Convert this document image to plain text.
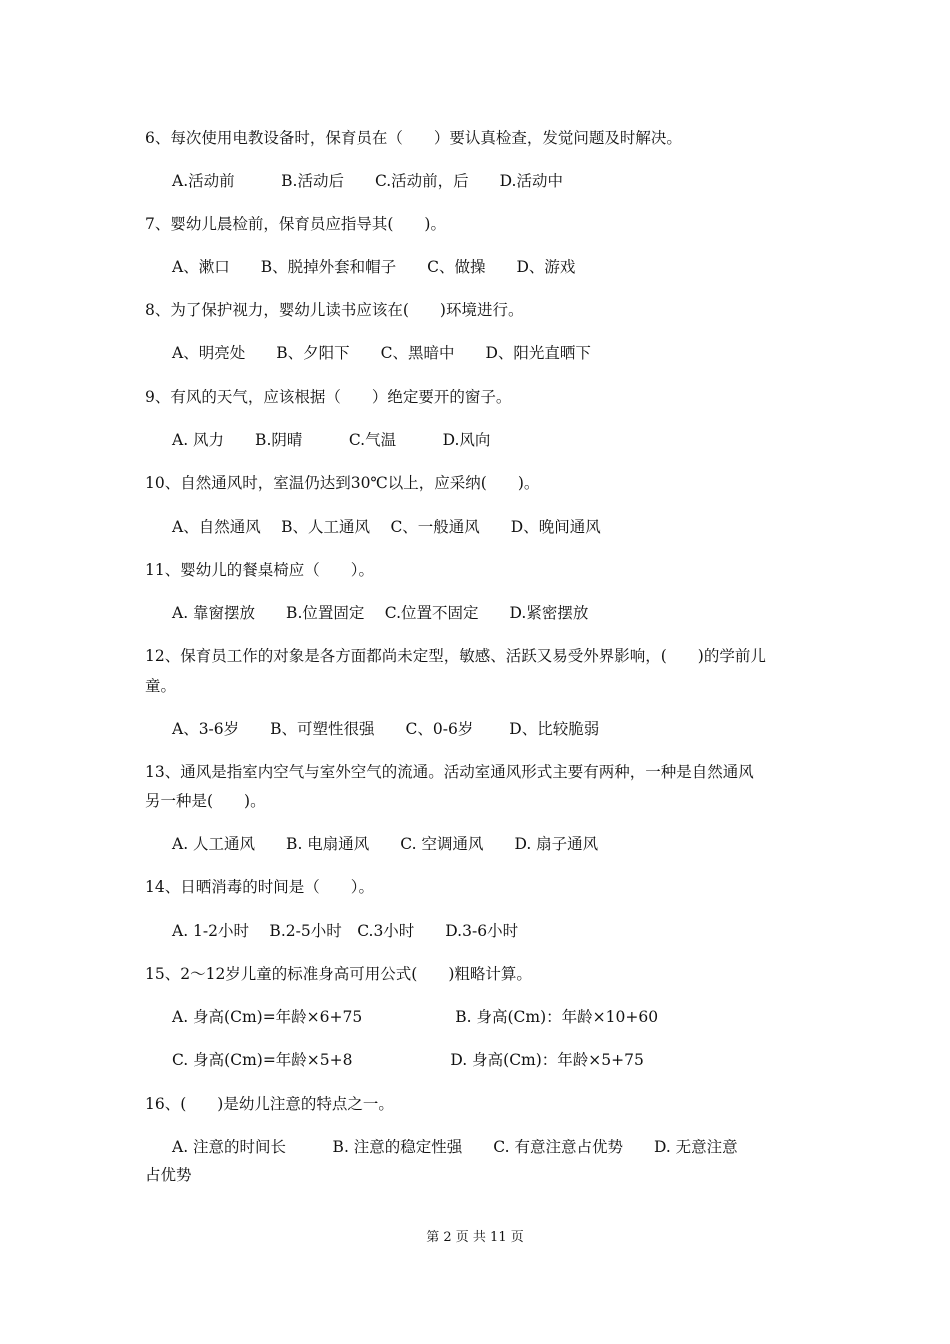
6、每次使用电教设备时，保育员在（　　）要认真检查，发觉问题及时解决。
A.活动前　　　B.活动后　　C.活动前，后　　D.活动中
7、婴幼儿晨检前，保育员应指导其(　　)。
A、漱口　　B、脱掉外套和帽子　　C、做操　　D、游戏
8、为了保护视力，婴幼儿读书应该在(　　)环境进行。
A、明亮处　　B、夕阳下　　C、黑暗中　　D、阳光直晒下
9、有风的天气，应该根据（　　）绝定要开的窗子。
A. 风力　　B.阴晴　　　C.气温　　　D.风向
10、自然通风时，室温仍达到30℃以上，应采纳(　　)。
A、自然通风　 B、人工通风　 C、一般通风　　D、晚间通风
11、婴幼儿的餐桌椅应（　　）。
A. 靠窗摆放　　B.位置固定　 C.位置不固定　　D.紧密摆放
12、保育员工作的对象是各方面都尚未定型，敏感、活跃又易受外界影响，(　　)的学前儿
童。
A、3-6岁　　B、可塑性很强　　C、0-6岁　　 D、比较脆弱
13、通风是指室内空气与室外空气的流通。活动室通风形式主要有两种，一种是自然通风
另一种是(　　)。
A. 人工通风　　B. 电扇通风　　C. 空调通风　　D. 扇子通风
14、日晒消毒的时间是（　　）。
A. 1-2小时　 B.2-5小时　C.3小时　　D.3-6小时
15、2～12岁儿童的标准身高可用公式(　　)粗略计算。
A. 身高(Cm)=年龄×6+75　　　　　　B. 身高(Cm)：年龄×10+60
C. 身高(Cm)=年龄×5+8　　　　　　 D. 身高(Cm)：年龄×5+75
16、(　　)是幼儿注意的特点之一。
A. 注意的时间长　　　B. 注意的稳定性强　　C. 有意注意占优势　　D. 无意注意
占优势
第 2 页 共 11 页
